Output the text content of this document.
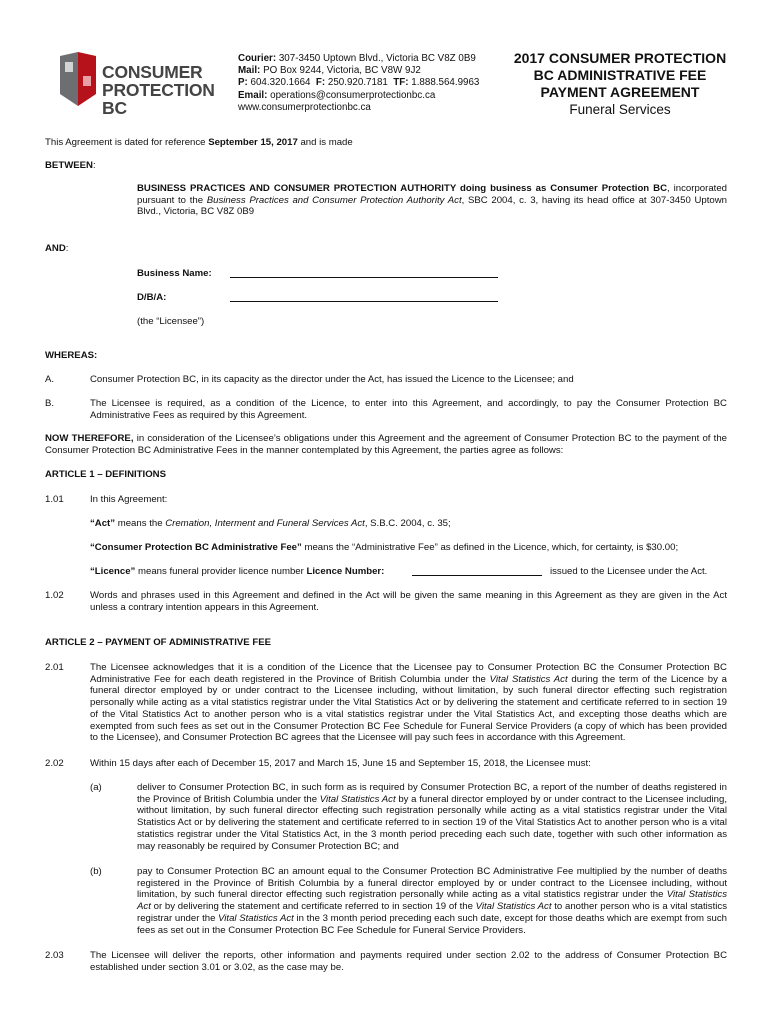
CONSUMER
PROTECTION BC
Courier: 307-3450 Uptown Blvd., Victoria BC V8Z 0B9
Mail: PO Box 9244, Victoria, BC V8W 9J2
P: 604.320.1664 F: 250.920.7181 TF: 1.888.564.9963
Email: operations@consumerprotectionbc.ca
www.consumerprotectionbc.ca
2017 CONSUMER PROTECTION
BC ADMINISTRATIVE FEE
PAYMENT AGREEMENT
Funeral Services
This Agreement is dated for reference September 15, 2017 and is made
BETWEEN:
BUSINESS PRACTICES AND CONSUMER PROTECTION AUTHORITY doing business as Consumer Protection BC, incorporated pursuant to the Business Practices and Consumer Protection Authority Act, SBC 2004, c. 3, having its head office at 307-3450 Uptown Blvd., Victoria, BC V8Z 0B9
AND:
Business Name:
D/B/A:
(the “Licensee”)
WHEREAS:
A.	Consumer Protection BC, in its capacity as the director under the Act, has issued the Licence to the Licensee; and
B.	The Licensee is required, as a condition of the Licence, to enter into this Agreement, and accordingly, to pay the Consumer Protection BC Administrative Fees as required by this Agreement.
NOW THEREFORE, in consideration of the Licensee’s obligations under this Agreement and the agreement of Consumer Protection BC to the payment of the Consumer Protection BC Administrative Fees in the manner contemplated by this Agreement, the parties agree as follows:
ARTICLE 1 – DEFINITIONS
1.01	In this Agreement:
“Act” means the Cremation, Interment and Funeral Services Act, S.B.C. 2004, c. 35;
“Consumer Protection BC Administrative Fee” means the “Administrative Fee” as defined in the Licence, which, for certainty, is $30.00;
“Licence” means funeral provider licence number Licence Number:	issued to the Licensee under the Act.
1.02	Words and phrases used in this Agreement and defined in the Act will be given the same meaning in this Agreement as they are given in the Act unless a contrary intention appears in this Agreement.
ARTICLE 2 – PAYMENT OF ADMINISTRATIVE FEE
2.01	The Licensee acknowledges that it is a condition of the Licence that the Licensee pay to Consumer Protection BC the Consumer Protection BC Administrative Fee for each death registered in the Province of British Columbia under the Vital Statistics Act during the term of the Licence by a funeral director employed by or under contract to the Licensee including, without limitation, by such funeral director effecting such registration personally while acting as a vital statistics registrar under the Vital Statistics Act or by delivering the statement and certificate referred to in section 19 of the Vital Statistics Act to another person who is a vital statistics registrar under the Vital Statistics Act, and excepting those deaths which are exempted from such fees as set out in the Consumer Protection BC Fee Schedule for Funeral Service Providers (a copy of which has been provided to the Licensee), and Consumer Protection BC agrees that the Licensee will pay such fees in accordance with this Agreement.
2.02	Within 15 days after each of December 15, 2017 and March 15, June 15 and September 15, 2018, the Licensee must:
(a)	deliver to Consumer Protection BC, in such form as is required by Consumer Protection BC, a report of the number of deaths registered in the Province of British Columbia under the Vital Statistics Act by a funeral director employed by or under contract to the Licensee including, without limitation, by such funeral director effecting such registration personally while acting as a vital statistics registrar under the Vital Statistics Act or by delivering the statement and certificate referred to in section 19 of the Vital Statistics Act to another person who is a vital statistics registrar under the Vital Statistics Act, in the 3 month period preceding each such date, together with such other information as may reasonably be required by Consumer Protection BC; and
(b)	pay to Consumer Protection BC an amount equal to the Consumer Protection BC Administrative Fee multiplied by the number of deaths registered in the Province of British Columbia by a funeral director employed by or under contract to the Licensee including, without limitation, by such funeral director effecting such registration personally while acting as a vital statistics registrar under the Vital Statistics Act or by delivering the statement and certificate referred to in section 19 of the Vital Statistics Act to another person who is a vital statistics registrar under the Vital Statistics Act in the 3 month period preceding each such date, except for those deaths which are exempt from such fees as set out in the Consumer Protection BC Fee Schedule for Funeral Service Providers.
2.03	The Licensee will deliver the reports, other information and payments required under section 2.02 to the address of Consumer Protection BC established under section 3.01 or 3.02, as the case may be.
